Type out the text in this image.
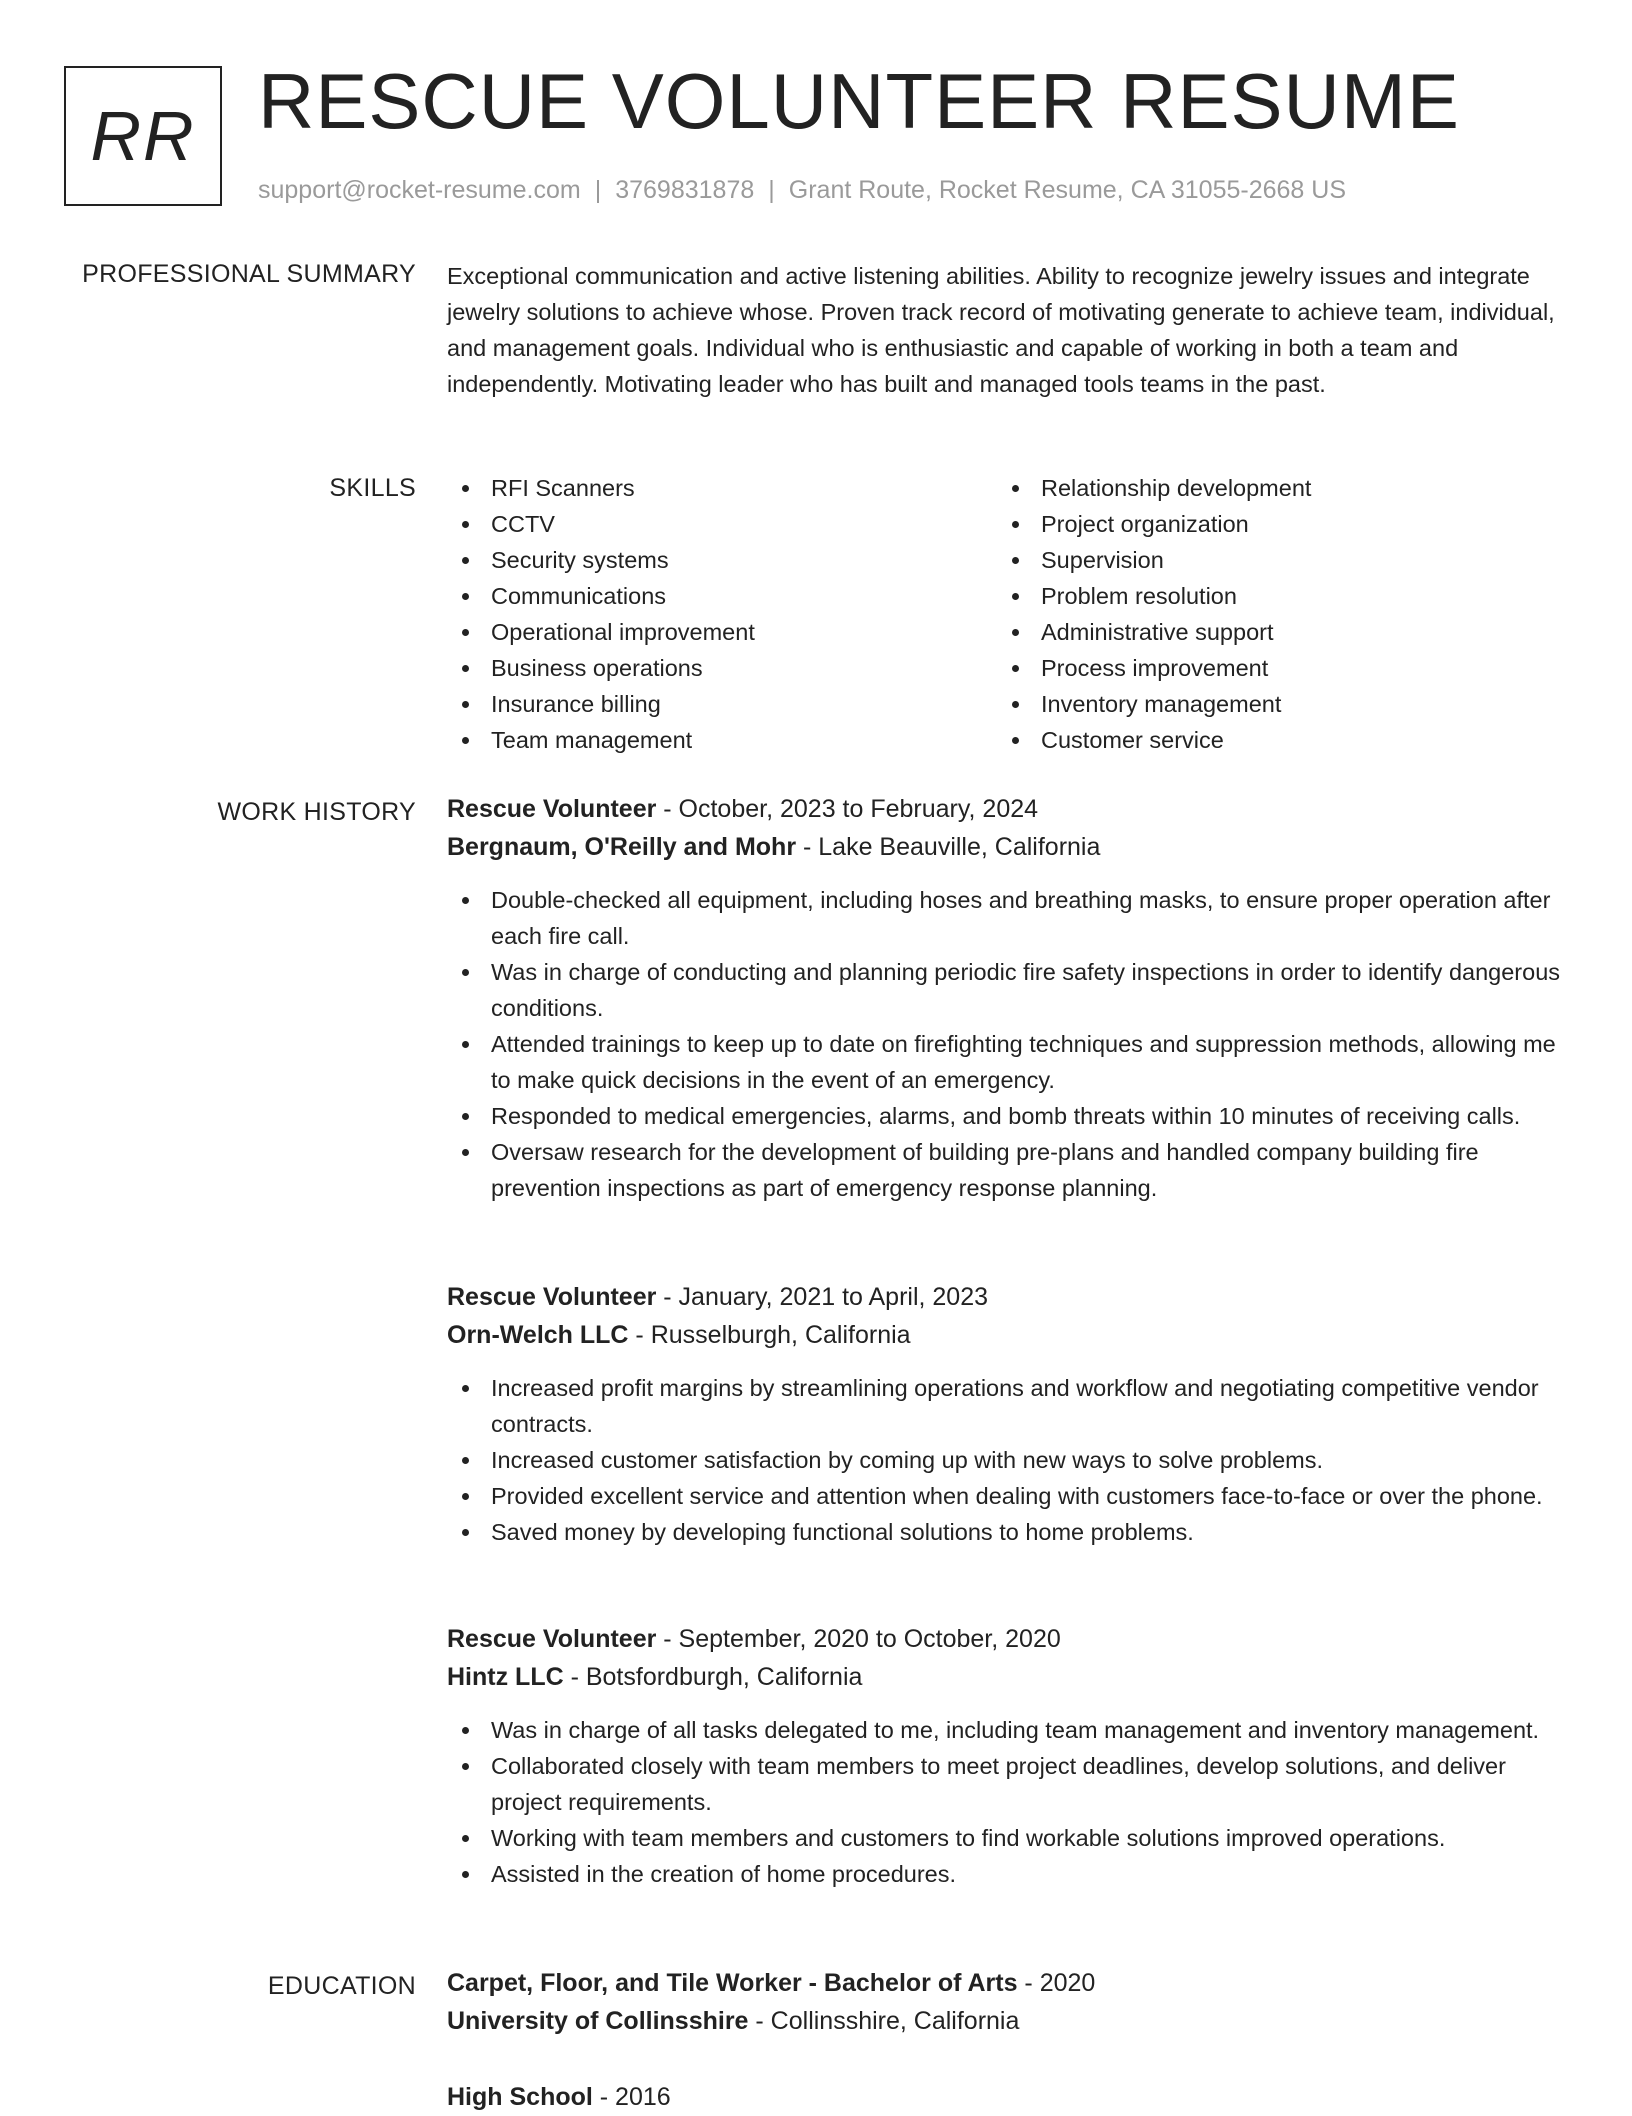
RR RESCUE VOLUNTEER RESUME
support@rocket-resume.com | 3769831878 | Grant Route, Rocket Resume, CA 31055-2668 US
PROFESSIONAL SUMMARY Exceptional communication and active listening abilities. Ability to recognize jewelry issues and integrate jewelry solutions to achieve whose. Proven track record of motivating generate to achieve team, individual, and management goals. Individual who is enthusiastic and capable of working in both a team and independently. Motivating leader who has built and managed tools teams in the past.

SKILLS	RFI Scanners
CCTV
Security systems
Communications
Operational improvement
Business operations
Insurance billing
Team management
Relationship development
Project organization
Supervision
Problem resolution
Administrative support
Process improvement
Inventory management
Customer service
WORK HISTORY Rescue Volunteer - October, 2023 to February, 2024
Bergnaum, O'Reilly and Mohr - Lake Beauville, California
Double-checked all equipment, including hoses and breathing masks, to ensure proper operation after each fire call.
Was in charge of conducting and planning periodic fire safety inspections in order to identify dangerous conditions.
Attended trainings to keep up to date on firefighting techniques and suppression methods, allowing me to make quick decisions in the event of an emergency.
Responded to medical emergencies, alarms, and bomb threats within 10 minutes of receiving calls.
Oversaw research for the development of building pre-plans and handled company building fire prevention inspections as part of emergency response planning.
Rescue Volunteer - January, 2021 to April, 2023
Orn-Welch LLC - Russelburgh, California
Increased profit margins by streamlining operations and workflow and negotiating competitive vendor contracts.
Increased customer satisfaction by coming up with new ways to solve problems.
Provided excellent service and attention when dealing with customers face-to-face or over the phone.
Saved money by developing functional solutions to home problems.
Rescue Volunteer - September, 2020 to October, 2020
Hintz LLC - Botsfordburgh, California
Was in charge of all tasks delegated to me, including team management and inventory management.
Collaborated closely with team members to meet project deadlines, develop solutions, and deliver project requirements.
Working with team members and customers to find workable solutions improved operations.
Assisted in the creation of home procedures.
EDUCATION Carpet, Floor, and Tile Worker - Bachelor of Arts - 2020
University of Collinsshire - Collinsshire, California
High School - 2016
